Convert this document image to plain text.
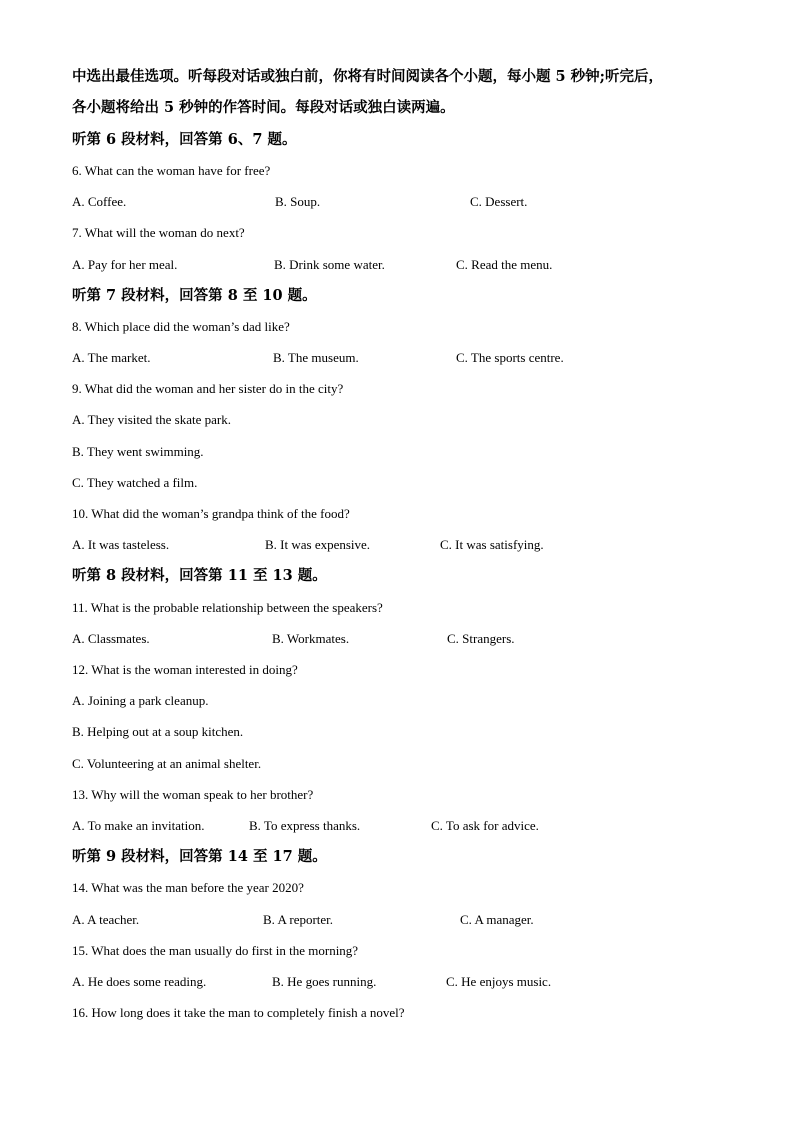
中选出最佳选项。听每段对话或独白前，你将有时间阅读各个小题，每小题 5 秒钟;听完后，
各小题将给出 5 秒钟的作答时间。每段对话或独白读两遍。
听第 6 段材料，回答第 6、7 题。
6. What can the woman have for free?
A. Coffee.	B. Soup.	C. Dessert.
7. What will the woman do next?
A. Pay for her meal.	B. Drink some water.	C. Read the menu.
听第 7 段材料，回答第 8 至 10 题。
8. Which place did the woman’s dad like?
A. The market.	B. The museum.	C. The sports centre.
9. What did the woman and her sister do in the city?
A. They visited the skate park.
B. They went swimming.
C. They watched a film.
10. What did the woman’s grandpa think of the food?
A. It was tasteless.	B. It was expensive.	C. It was satisfying.
听第 8 段材料，回答第 11 至 13 题。
11. What is the probable relationship between the speakers?
A. Classmates.	B. Workmates.	C. Strangers.
12. What is the woman interested in doing?
A. Joining a park cleanup.
B. Helping out at a soup kitchen.
C. Volunteering at an animal shelter.
13. Why will the woman speak to her brother?
A. To make an invitation.	B. To express thanks.	C. To ask for advice.
听第 9 段材料，回答第 14 至 17 题。
14. What was the man before the year 2020?
A. A teacher.	B. A reporter.	C. A manager.
15. What does the man usually do first in the morning?
A. He does some reading.	B. He goes running.	C. He enjoys music.
16. How long does it take the man to completely finish a novel?
